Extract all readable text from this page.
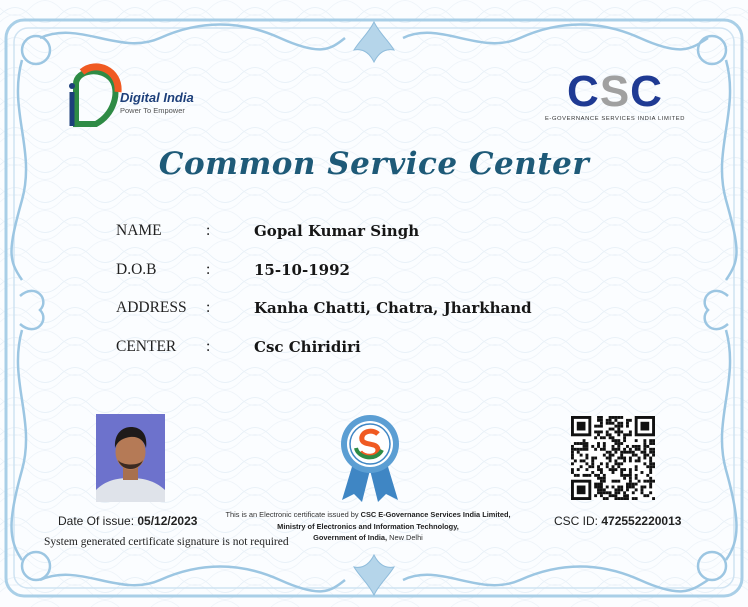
Digital India
Power To Empower	CSC
E-GOVERNANCE SERVICES INDIA LIMITED
Common Service Center
NAME	:	Gopal Kumar Singh
D.O.B	:	15-10-1992
ADDRESS :	Kanha Chatti, Chatra, Jharkhand
CENTER :	Csc Chiridiri
Date Of issue: 05/12/2023
System generated certificate signature is not required
This is an Electronic certificate issued by CSC E-Governance Services India Limited,
Ministry of Electronics and Information Technology,
Government of India, New Delhi
CSC ID: 472552220013
